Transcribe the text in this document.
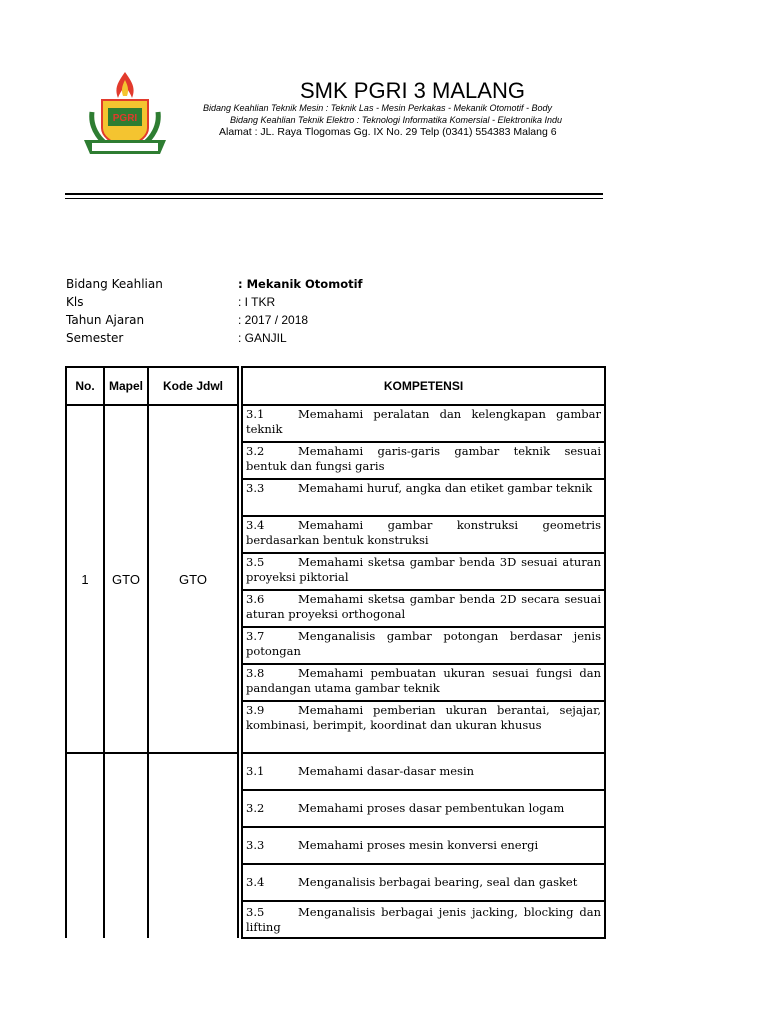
PGRI
SMK PGRI 3 MALANG
Bidang Keahlian Teknik Mesin : Teknik Las - Mesin Perkakas - Mekanik Otomotif - Body
Bidang Keahlian Teknik Elektro : Teknologi Informatika Komersial - Elektronika Indu
Alamat : JL. Raya Tlogomas Gg. IX No. 29 Telp (0341) 554383 Malang 6
Bidang Keahlian	: Mekanik Otomotif
Kls	: I TKR
Tahun Ajaran	: 2017 / 2018
Semester	: GANJIL
No.	Mapel	Kode Jdwl		KOMPETENSI
1	GTO	GTO		3.1 Memahami peralatan dan kelengkapan gambar teknik
				3.2 Memahami garis-garis gambar teknik sesuai bentuk dan fungsi garis
				3.3 Memahami huruf, angka dan etiket gambar teknik
				3.4 Memahami gambar konstruksi geometris berdasarkan bentuk konstruksi
				3.5 Memahami sketsa gambar benda 3D sesuai aturan proyeksi piktorial
				3.6 Memahami sketsa gambar benda 2D secara sesuai aturan proyeksi orthogonal
				3.7 Menganalisis gambar potongan berdasar jenis potongan
				3.8 Memahami pembuatan ukuran sesuai fungsi dan pandangan utama gambar teknik
				3.9 Memahami pemberian ukuran berantai, sejajar, kombinasi, berimpit, koordinat dan ukuran khusus
				3.1 Memahami dasar-dasar mesin
				3.2 Memahami proses dasar pembentukan logam
				3.3 Memahami proses mesin konversi energi
				3.4 Menganalisis berbagai bearing, seal dan gasket
				3.5 Menganalisis berbagai jenis jacking, blocking dan lifting
